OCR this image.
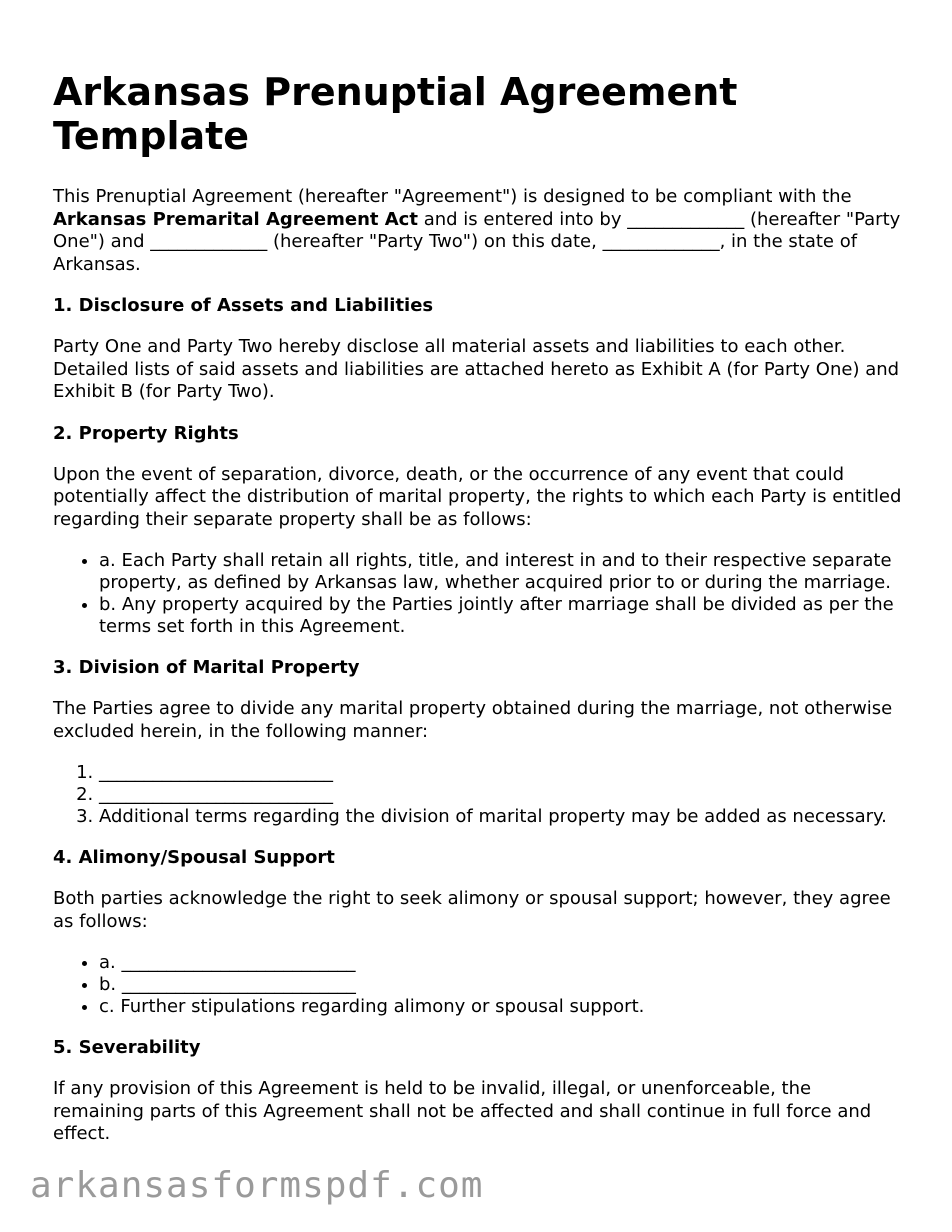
Arkansas Prenuptial Agreement Template

This Prenuptial Agreement (hereafter "Agreement") is designed to be compliant with the Arkansas Premarital Agreement Act and is entered into by _____________ (hereafter "Party One") and _____________ (hereafter "Party Two") on this date, _____________, in the state of Arkansas.

1. Disclosure of Assets and Liabilities

Party One and Party Two hereby disclose all material assets and liabilities to each other. Detailed lists of said assets and liabilities are attached hereto as Exhibit A (for Party One) and Exhibit B (for Party Two).

2. Property Rights

Upon the event of separation, divorce, death, or the occurrence of any event that could potentially affect the distribution of marital property, the rights to which each Party is entitled regarding their separate property shall be as follows:

• a. Each Party shall retain all rights, title, and interest in and to their respective separate property, as defined by Arkansas law, whether acquired prior to or during the marriage.
• b. Any property acquired by the Parties jointly after marriage shall be divided as per the terms set forth in this Agreement.
3. Division of Marital Property

The Parties agree to divide any marital property obtained during the marriage, not otherwise excluded herein, in the following manner:

1. __________________________
2. __________________________
3. Additional terms regarding the division of marital property may be added as necessary.
4. Alimony/Spousal Support

Both parties acknowledge the right to seek alimony or spousal support; however, they agree as follows:

• a. __________________________
• b. __________________________
• c. Further stipulations regarding alimony or spousal support.
5. Severability

If any provision of this Agreement is held to be invalid, illegal, or unenforceable, the remaining parts of this Agreement shall not be affected and shall continue in full force and effect.

arkansasformspdf.com
